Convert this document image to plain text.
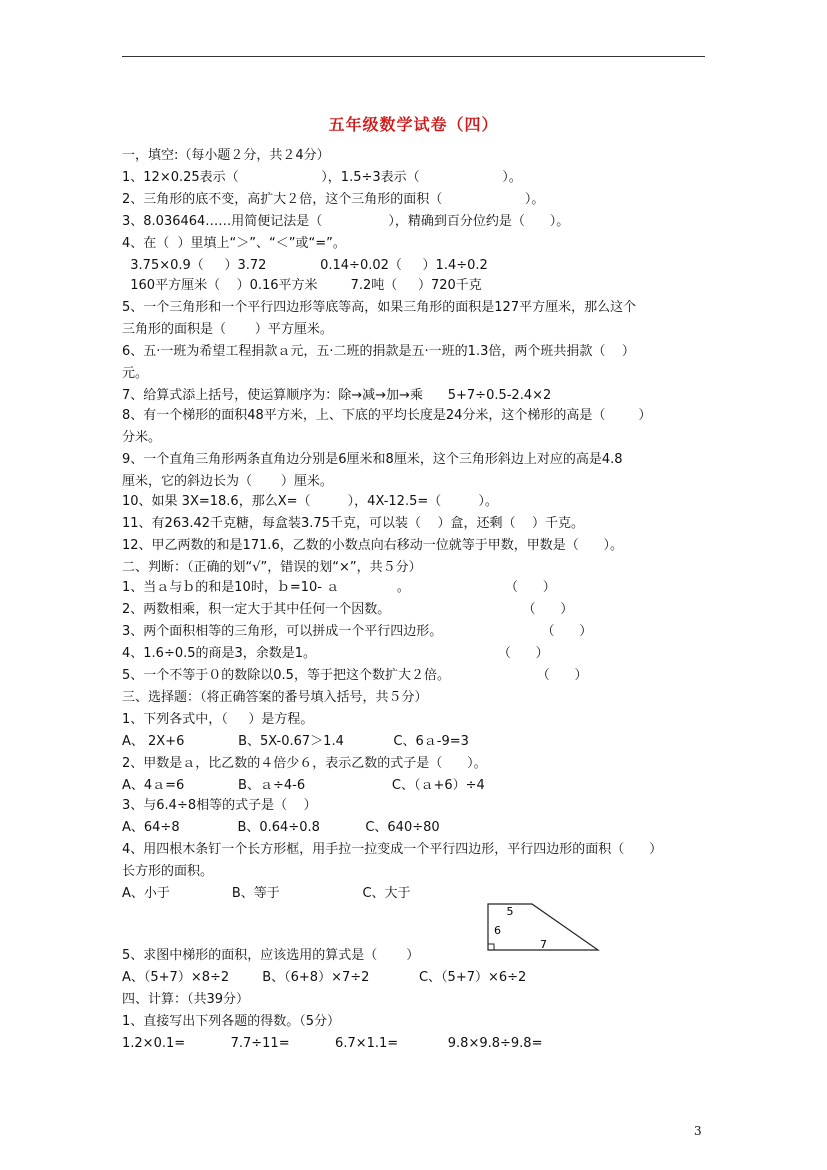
五年级数学试卷（四）
一，填空:（每小题２分，共２4分）
1、12×0.25表示（                    ），1.5÷3表示（                    ）。
2、三角形的底不变，高扩大２倍，这个三角形的面积（                    ）。
3、8.036464……用简便记法是（                ），精确到百分位约是（      ）。
4、在（  ）里填上“＞”、“＜”或“=”。
3.75×0.9（     ）3.72             0.14÷0.02（     ）1.4÷0.2
160平方厘米（    ）0.16平方米        7.2吨（     ）720千克
5、一个三角形和一个平行四边形等底等高，如果三角形的面积是127平方厘米，那么这个
三角形的面积是（       ）平方厘米。
6、五·一班为希望工程捐款ａ元，五·二班的捐款是五·一班的1.3倍，两个班共捐款（    ）
元。
7、给算式添上括号，使运算顺序为：除→减→加→乘      5+7÷0.5-2.4×2
8、有一个梯形的面积48平方米，上、下底的平均长度是24分米，这个梯形的高是（        ）
分米。
9、一个直角三角形两条直角边分别是6厘米和8厘米，这个三角形斜边上对应的高是4.8
厘米，它的斜边长为（       ）厘米。
10、如果 3X=18.6，那么X=（         ），4X-12.5=（         ）。
11、有263.42千克糖，每盒装3.75千克，可以装（    ）盒，还剩（    ）千克。
12、甲乙两数的和是171.6，乙数的小数点向右移动一位就等于甲数，甲数是（      ）。
二、判断：（正确的划“√”，错误的划“×”，共５分）
1、当ａ与ｂ的和是10时，ｂ=10- ａ              。                       （      ）
2、两数相乘，积一定大于其中任何一个因数。                                （      ）
3、两个面积相等的三角形，可以拼成一个平行四边形。                        （      ）
4、1.6÷0.5的商是3，余数是1。                                            （      ）
5、一个不等于０的数除以0.5，等于把这个数扩大２倍。                     （      ）
三、选择题：（将正确答案的番号填入括号，共５分）
1、下列各式中，（     ）是方程。
A、 2X+6             B、5X-0.67＞1.4            C、6ａ-9=3
2、甲数是ａ，比乙数的４倍少６，表示乙数的式子是（      ）。
A、4ａ=6             B、ａ÷4-6                     C、（ａ+6）÷4
3、与6.4÷8相等的式子是（    ）
A、64÷8              B、0.64÷0.8           C、640÷80
4、用四根木条钉一个长方形框，用手拉一拉变成一个平行四边形，平行四边形的面积（      ）
长方形的面积。
A、小于               B、等于                    C、大于
5、求图中梯形的面积，应该选用的算式是（       ）
A、（5+7）×8÷2        B、（6+8）×7÷2            C、（5+7）×6÷2
四、计算：（共39分）
1、直接写出下列各题的得数。（5分）
1.2×0.1=           7.7÷11=           6.7×1.1=            9.8×9.8÷9.8=
5
6
7
3
